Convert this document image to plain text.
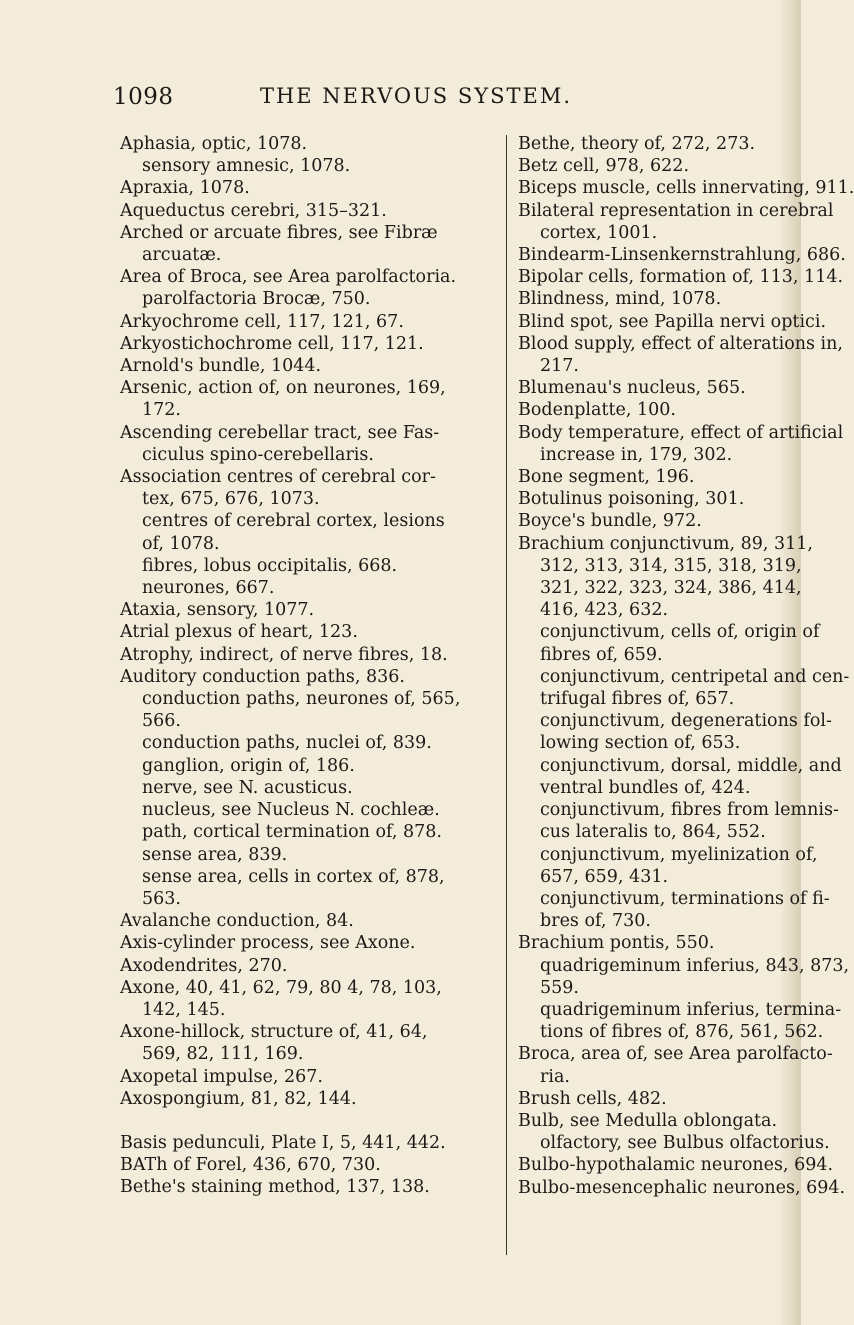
1098	THE NERVOUS SYSTEM.
Aphasia, optic, 1078.
sensory amnesic, 1078.
Apraxia, 1078.
Aqueductus cerebri, 315–321.
Arched or arcuate fibres, see Fibræ
arcuatæ.
Area of Broca, see Area parolfactoria.
parolfactoria Brocæ, 750.
Arkyochrome cell, 117, 121, 67.
Arkyostichochrome cell, 117, 121.
Arnold's bundle, 1044.
Arsenic, action of, on neurones, 169,
172.
Ascending cerebellar tract, see Fas-
ciculus spino-cerebellaris.
Association centres of cerebral cor-
tex, 675, 676, 1073.
centres of cerebral cortex, lesions
of, 1078.
fibres, lobus occipitalis, 668.
neurones, 667.
Ataxia, sensory, 1077.
Atrial plexus of heart, 123.
Atrophy, indirect, of nerve fibres, 18.
Auditory conduction paths, 836.
conduction paths, neurones of, 565,
566.
conduction paths, nuclei of, 839.
ganglion, origin of, 186.
nerve, see N. acusticus.
nucleus, see Nucleus N. cochleæ.
path, cortical termination of, 878.
sense area, 839.
sense area, cells in cortex of, 878,
563.
Avalanche conduction, 84.
Axis-cylinder process, see Axone.
Axodendrites, 270.
Axone, 40, 41, 62, 79, 80 4, 78, 103,
142, 145.
Axone-hillock, structure of, 41, 64,
569, 82, 111, 169.
Axopetal impulse, 267.
Axospongium, 81, 82, 144.
Basis pedunculi, Plate I, 5, 441, 442.
BATh of Forel, 436, 670, 730.
Bethe's staining method, 137, 138.
Bethe, theory of, 272, 273.
Betz cell, 978, 622.
Biceps muscle, cells innervating, 911.
Bilateral representation in cerebral
cortex, 1001.
Bindearm-Linsenkernstrahlung, 686.
Bipolar cells, formation of, 113, 114.
Blindness, mind, 1078.
Blind spot, see Papilla nervi optici.
Blood supply, effect of alterations in,
217.
Blumenau's nucleus, 565.
Bodenplatte, 100.
Body temperature, effect of artificial
increase in, 179, 302.
Bone segment, 196.
Botulinus poisoning, 301.
Boyce's bundle, 972.
Brachium conjunctivum, 89, 311,
312, 313, 314, 315, 318, 319,
321, 322, 323, 324, 386, 414,
416, 423, 632.
conjunctivum, cells of, origin of
fibres of, 659.
conjunctivum, centripetal and cen-
trifugal fibres of, 657.
conjunctivum, degenerations fol-
lowing section of, 653.
conjunctivum, dorsal, middle, and
ventral bundles of, 424.
conjunctivum, fibres from lemnis-
cus lateralis to, 864, 552.
conjunctivum, myelinization of,
657, 659, 431.
conjunctivum, terminations of fi-
bres of, 730.
Brachium pontis, 550.
quadrigeminum inferius, 843, 873,
559.
quadrigeminum inferius, termina-
tions of fibres of, 876, 561, 562.
Broca, area of, see Area parolfacto-
ria.
Brush cells, 482.
Bulb, see Medulla oblongata.
olfactory, see Bulbus olfactorius.
Bulbo-hypothalamic neurones, 694.
Bulbo-mesencephalic neurones, 694.
